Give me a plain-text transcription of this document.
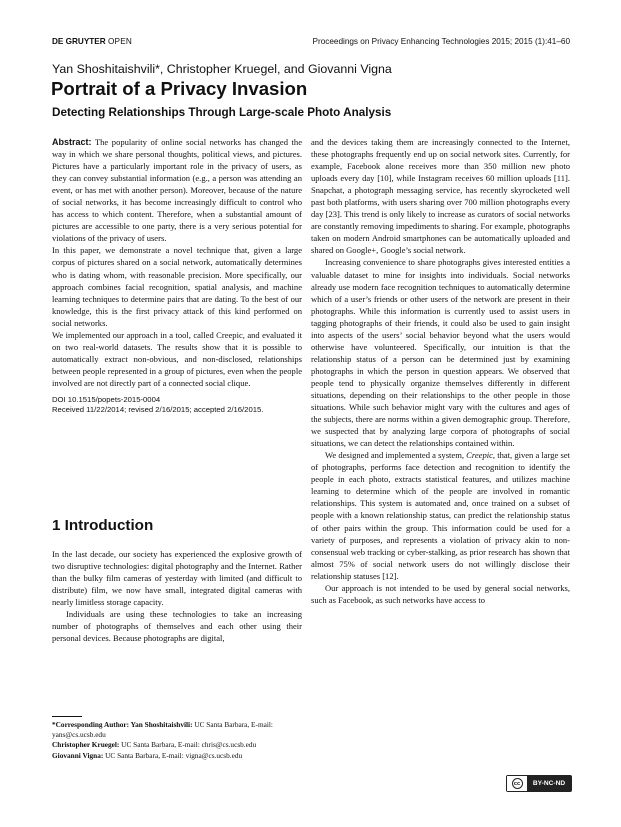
DE GRUYTER OPEN	Proceedings on Privacy Enhancing Technologies 2015; 2015 (1):41–60
Yan Shoshitaishvili*, Christopher Kruegel, and Giovanni Vigna
Portrait of a Privacy Invasion
Detecting Relationships Through Large-scale Photo Analysis

Abstract: The popularity of online social networks has changed the way in which we share personal thoughts, political views, and pictures. Pictures have a particularly important role in the privacy of users, as they can convey substantial information (e.g., a person was attending an event, or has met with another person). Moreover, because of the nature of social networks, it has become increasingly difficult to control who has access to which content. Therefore, when a substantial amount of pictures are accessible to one party, there is a very serious potential for violations of the privacy of users.

In this paper, we demonstrate a novel technique that, given a large corpus of pictures shared on a social network, automatically determines who is dating whom, with reasonable precision. More specifically, our approach combines facial recognition, spatial analysis, and machine learning techniques to determine pairs that are dating. To the best of our knowledge, this is the first privacy attack of this kind performed on social networks.

We implemented our approach in a tool, called Creepic, and evaluated it on two real-world datasets. The results show that it is possible to automatically extract non-obvious, and non-disclosed, relationships between people represented in a group of pictures, even when the people involved are not directly part of a connected social clique.

DOI 10.1515/popets-2015-0004
Received 11/22/2014; revised 2/16/2015; accepted 2/16/2015.
1 Introduction

In the last decade, our society has experienced the explosive growth of two disruptive technologies: digital photography and the Internet. Rather than the bulky film cameras of yesterday with limited (and difficult to distribute) film, we now have small, integrated digital cameras with nearly limitless storage capacity.

Individuals are using these technologies to take an increasing number of photographs of themselves and each other using their personal devices. Because photographs are digital,

*Corresponding Author: Yan Shoshitaishvili: UC Santa Barbara, E-mail: yans@cs.ucsb.edu
Christopher Kruegel: UC Santa Barbara, E-mail: chris@cs.ucsb.edu
Giovanni Vigna: UC Santa Barbara, E-mail: vigna@cs.ucsb.edu

and the devices taking them are increasingly connected to the Internet, these photographs frequently end up on social network sites. Currently, for example, Facebook alone receives more than 350 million new photo uploads every day [10], while Instagram receives 60 million uploads [11]. Snapchat, a photograph messaging service, has recently skyrocketed well past both platforms, with users sharing over 700 million photographs every day [23]. This trend is only likely to increase as curators of social networks are constantly removing impediments to sharing. For example, photographs taken on modern Android smartphones can be automatically uploaded and shared on Google+, Google’s social network.

Increasing convenience to share photographs gives interested entities a valuable dataset to mine for insights into individuals. Social networks already use modern face recognition techniques to automatically determine which of a user’s friends or other users of the network are present in their photographs. While this information is currently used to assist users in tagging photographs of their friends, it could also be used to gain insight into aspects of the users’ social behavior beyond what the users would otherwise have volunteered. Specifically, our intuition is that the relationship status of a person can be determined just by examining photographs in which the person in question appears. We observed that people tend to physically organize themselves differently in different situations, depending on their relationships to the other people in those situations. While such behavior might vary with the cultures and ages of the subjects, there are norms within a given demographic group. Therefore, we suspected that by analyzing large corpora of photographs of social situations, we can detect the relationships contained within.

We designed and implemented a system, Creepic, that, given a large set of photographs, performs face detection and recognition to identify the people in each photo, extracts statistical features, and utilizes machine learning to determine which of the people are involved in romantic relationships. This system is automated and, once trained on a subset of people with a known relationship status, can predict the relationship status of other pairs within the group. This information could be used for a variety of purposes, and represents a violation of privacy akin to non-consensual web tracking or cyber-stalking, as prior research has shown that almost 75% of social network users do not willingly disclose their relationship statuses [12].

Our approach is not intended to be used by general social networks, such as Facebook, as such networks have access to

cc	BY-NC-ND
